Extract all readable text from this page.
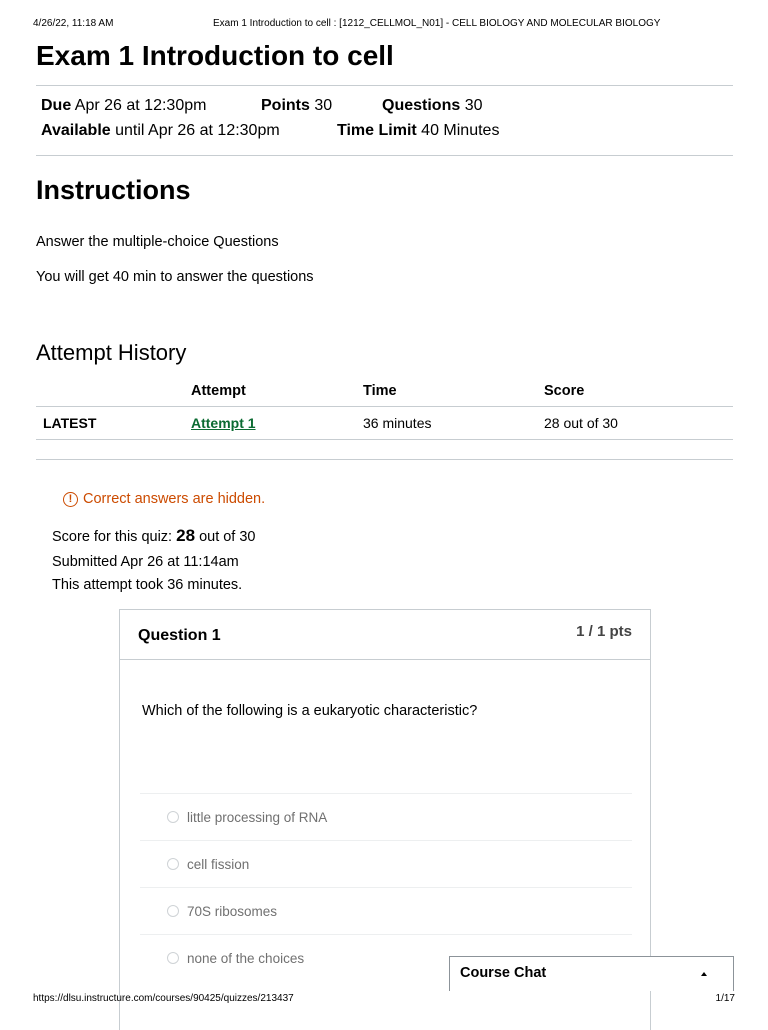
4/26/22, 11:18 AM	Exam 1 Introduction to cell : [1212_CELLMOL_N01] - CELL BIOLOGY AND MOLECULAR BIOLOGY
Exam 1 Introduction to cell
Due Apr 26 at 12:30pm	Points 30	Questions 30
Available until Apr 26 at 12:30pm	Time Limit 40 Minutes
Instructions

Answer the multiple-choice Questions

You will get 40 min to answer the questions

Attempt History
	Attempt	Time	Score
LATEST	Attempt 1	36 minutes	28 out of 30
! Correct answers are hidden.
Score for this quiz: 28 out of 30
Submitted Apr 26 at 11:14am
This attempt took 36 minutes.
Question 1	1 / 1 pts
Which of the following is a eukaryotic characteristic?
little processing of RNA
cell fission
70S ribosomes
none of the choices
Course Chat
https://dlsu.instructure.com/courses/90425/quizzes/213437	1/17
